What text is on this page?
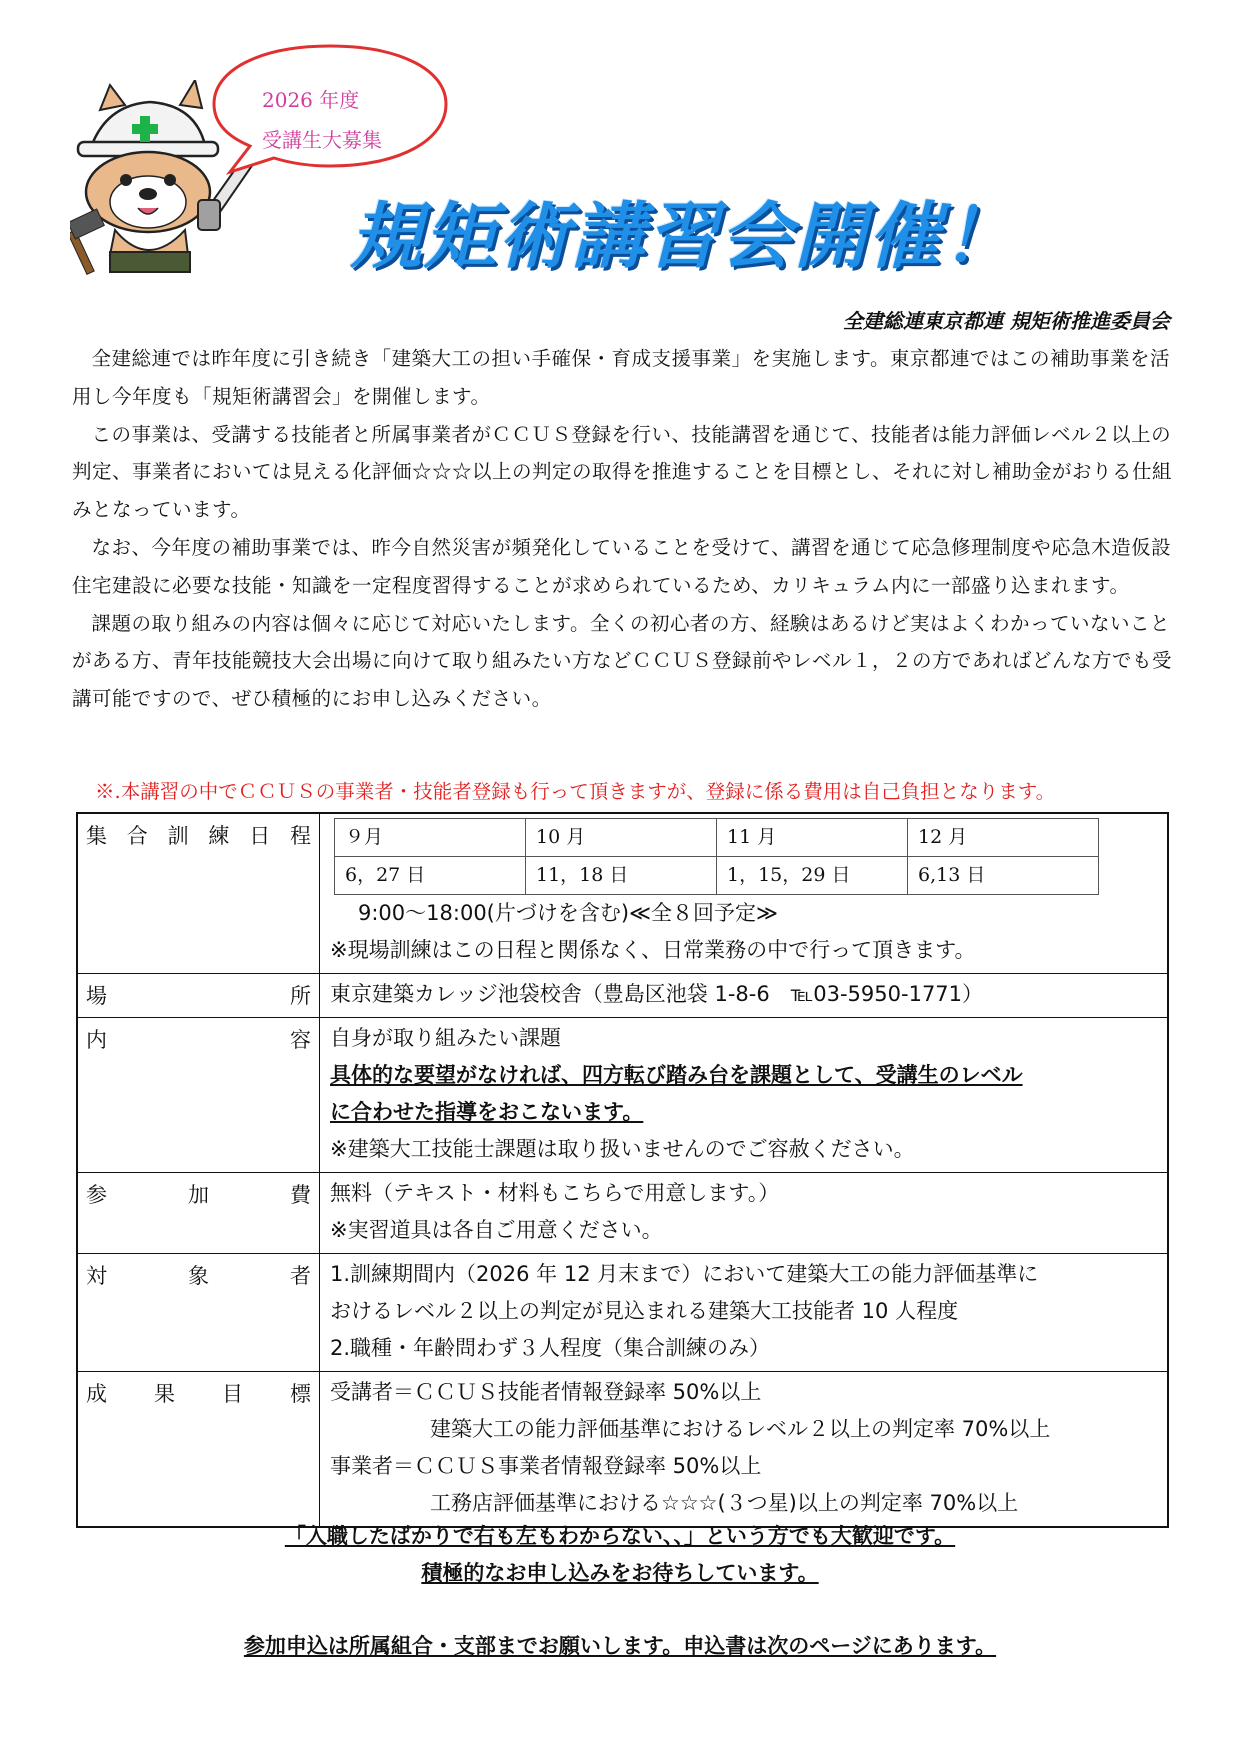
2026 年度
受講生大募集
規矩術講習会開催！
全建総連東京都連 規矩術推進委員会

全建総連では昨年度に引き続き「建築大工の担い手確保・育成支援事業」を実施します。東京都連ではこの補助事業を活用し今年度も「規矩術講習会」を開催します。

この事業は、受講する技能者と所属事業者がＣＣＵＳ登録を行い、技能講習を通じて、技能者は能力評価レベル２以上の判定、事業者においては見える化評価☆☆☆以上の判定の取得を推進することを目標とし、それに対し補助金がおりる仕組みとなっています。

なお、今年度の補助事業では、昨今自然災害が頻発化していることを受けて、講習を通じて応急修理制度や応急木造仮設住宅建設に必要な技能・知識を一定程度習得することが求められているため、カリキュラム内に一部盛り込まれます。

課題の取り組みの内容は個々に応じて対応いたします。全くの初心者の方、経験はあるけど実はよくわかっていないことがある方、青年技能競技大会出場に向けて取り組みたい方などＣＣＵＳ登録前やレベル１，２の方であればどんな方でも受講可能ですので、ぜひ積極的にお申し込みください。

※.本講習の中でＣＣＵＳの事業者・技能者登録も行って頂きますが、登録に係る費用は自己負担となります。
集 合 訓 練 日 程
	９月	10 月	11 月	12 月
6，27 日	11，18 日	1，15，29 日	6,13 日
9:00〜18:00(片づけを含む)≪全８回予定≫
※現場訓練はこの日程と関係なく、日常業務の中で行って頂きます。

場	所	東京建築カレッジ池袋校舎（豊島区池袋 1-8-6　℡03-5950-1771）

内	容	自身が取り組みたい課題
具体的な要望がなければ、四方転び踏み台を課題として、受講生のレベル
に合わせた指導をおこないます。
※建築大工技能士課題は取り扱いませんのでご容赦ください。

参	加	費	無料（テキスト・材料もこちらで用意します。）
※実習道具は各自ご用意ください。

対	象	者	1.訓練期間内（2026 年 12 月末まで）において建築大工の能力評価基準に
おけるレベル２以上の判定が見込まれる建築大工技能者 10 人程度
2.職種・年齢問わず３人程度（集合訓練のみ）

成 果 目 標	受講者＝ＣＣＵＳ技能者情報登録率 50%以上
建築大工の能力評価基準におけるレベル２以上の判定率 70%以上
事業者＝ＣＣＵＳ事業者情報登録率 50%以上
工務店評価基準における☆☆☆(３つ星)以上の判定率 70%以上
「入職したばかりで右も左もわからない、、」という方でも大歓迎です。
積極的なお申し込みをお待ちしています。
参加申込は所属組合・支部までお願いします。申込書は次のページにあります。
